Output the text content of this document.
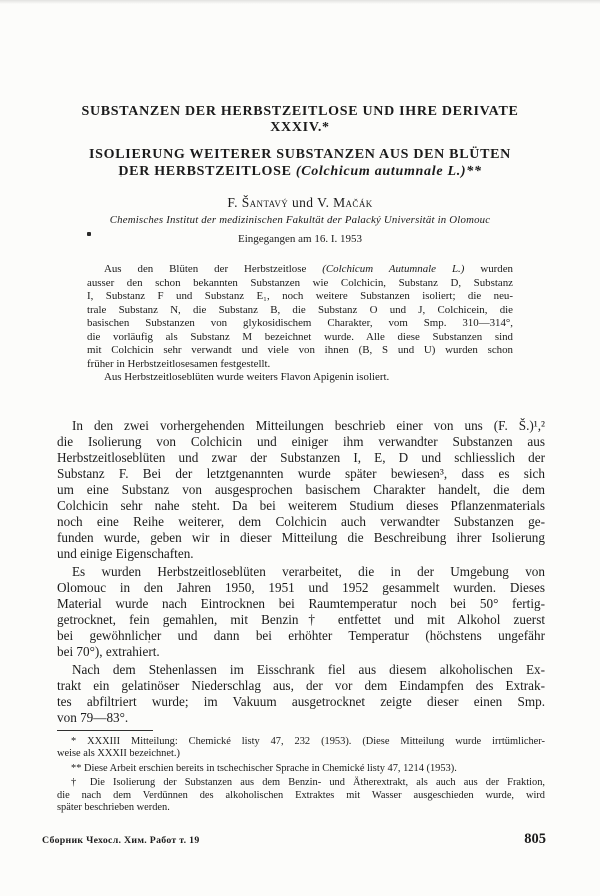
SUBSTANZEN DER HERBSTZEITLOSE UND IHRE DERIVATE
XXXIV.*
ISOLIERUNG WEITERER SUBSTANZEN AUS DEN BLÜTEN
DER HERBSTZEITLOSE (Colchicum autumnale L.)**
F. Šantavý und V. Mačák
Chemisches Institut der medizinischen Fakultät der Palacký Universität in Olomouc
Eingegangen am 16. I. 1953
Aus den Blüten der Herbstzeitlose (Colchicum Autumnale L.) wurden
ausser den schon bekannten Substanzen wie Colchicin, Substanz D, Substanz
I, Substanz F und Substanz E₁, noch weitere Substanzen isoliert; die neu-
trale Substanz N, die Substanz B, die Substanz O und J, Colchicein, die
basischen Substanzen von glykosidischem Charakter, vom Smp. 310—314°,
die vorläufig als Substanz M bezeichnet wurde. Alle diese Substanzen sind
mit Colchicin sehr verwandt und viele von ihnen (B, S und U) wurden schon
früher in Herbstzeitlosesamen festgestellt.
Aus Herbstzeitloseblüten wurde weiters Flavon Apigenin isoliert.
In den zwei vorhergehenden Mitteilungen beschrieb einer von uns (F. Š.)¹,²
die Isolierung von Colchicin und einiger ihm verwandter Substanzen aus
Herbstzeitloseblüten und zwar der Substanzen I, E, D und schliesslich der
Substanz F. Bei der letztgenannten wurde später bewiesen³, dass es sich
um eine Substanz von ausgesprochen basischem Charakter handelt, die dem
Colchicin sehr nahe steht. Da bei weiterem Studium dieses Pflanzenmaterials
noch eine Reihe weiterer, dem Colchicin auch verwandter Substanzen ge-
funden wurde, geben wir in dieser Mitteilung die Beschreibung ihrer Isolierung
und einige Eigenschaften.
Es wurden Herbstzeitloseblüten verarbeitet, die in der Umgebung von
Olomouc in den Jahren 1950, 1951 und 1952 gesammelt wurden. Dieses
Material wurde nach Eintrocknen bei Raumtemperatur noch bei 50° fertig-
getrocknet, fein gemahlen, mit Benzin† entfettet und mit Alkohol zuerst
bei gewöhnlicher und dann bei erhöhter Temperatur (höchstens ungefähr
bei 70°), extrahiert.
Nach dem Stehenlassen im Eisschrank fiel aus diesem alkoholischen Ex-
trakt ein gelatinöser Niederschlag aus, der vor dem Eindampfen des Extrak-
tes abfiltriert wurde; im Vakuum ausgetrocknet zeigte dieser einen Smp.
von 79—83°.
* XXXIII Mitteilung: Chemické listy 47, 232 (1953). (Diese Mitteilung wurde irrtümlicher-
weise als XXXII bezeichnet.)
** Diese Arbeit erschien bereits in tschechischer Sprache in Chemické listy 47, 1214 (1953).
† Die Isolierung der Substanzen aus dem Benzin- und Ätherextrakt, als auch aus der Fraktion,
die nach dem Verdünnen des alkoholischen Extraktes mit Wasser ausgeschieden wurde, wird
später beschrieben werden.
Сборник Чехосл. Хим. Работ т. 19	805
